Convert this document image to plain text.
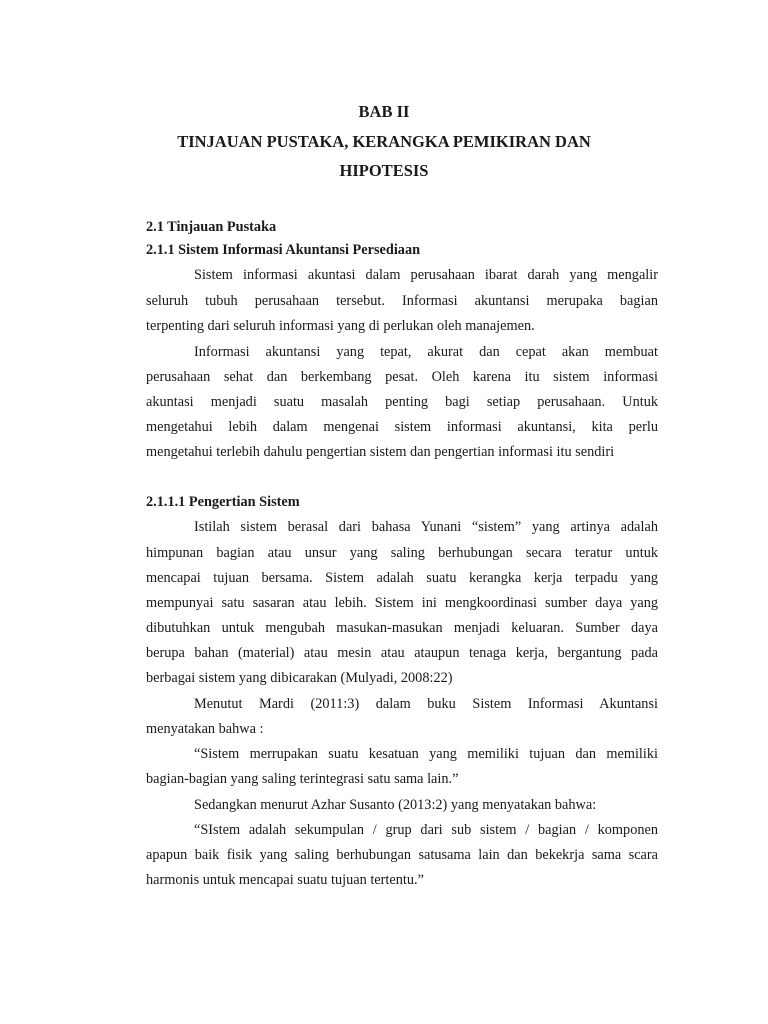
BAB II
TINJAUAN PUSTAKA, KERANGKA PEMIKIRAN DAN
HIPOTESIS
2.1 Tinjauan Pustaka
2.1.1 Sistem Informasi Akuntansi Persediaan
Sistem informasi akuntasi dalam perusahaan ibarat darah yang mengalir
seluruh tubuh perusahaan tersebut. Informasi akuntansi merupaka bagian
terpenting dari seluruh informasi yang di perlukan oleh manajemen.
Informasi akuntansi yang tepat, akurat dan cepat akan membuat
perusahaan sehat dan berkembang pesat. Oleh karena itu sistem informasi
akuntasi menjadi suatu masalah penting bagi setiap perusahaan. Untuk
mengetahui lebih dalam mengenai sistem informasi akuntansi, kita perlu
mengetahui terlebih dahulu pengertian sistem dan pengertian informasi itu sendiri
2.1.1.1 Pengertian Sistem
Istilah sistem berasal dari bahasa Yunani “sistem” yang artinya adalah
himpunan bagian atau unsur yang saling berhubungan secara teratur untuk
mencapai tujuan bersama. Sistem adalah suatu kerangka kerja terpadu yang
mempunyai satu sasaran atau lebih. Sistem ini mengkoordinasi sumber daya yang
dibutuhkan untuk mengubah masukan-masukan menjadi keluaran. Sumber daya
berupa bahan (material) atau mesin atau ataupun tenaga kerja, bergantung pada
berbagai sistem yang dibicarakan (Mulyadi, 2008:22)
Menutut Mardi (2011:3) dalam buku Sistem Informasi Akuntansi
menyatakan bahwa :
“Sistem merrupakan suatu kesatuan yang memiliki tujuan dan memiliki
bagian-bagian yang saling terintegrasi satu sama lain.”
Sedangkan menurut Azhar Susanto (2013:2) yang menyatakan bahwa:
“SIstem adalah sekumpulan / grup dari sub sistem / bagian / komponen
apapun baik fisik yang saling berhubungan satusama lain dan bekekrja sama scara
harmonis untuk mencapai suatu tujuan tertentu.”
